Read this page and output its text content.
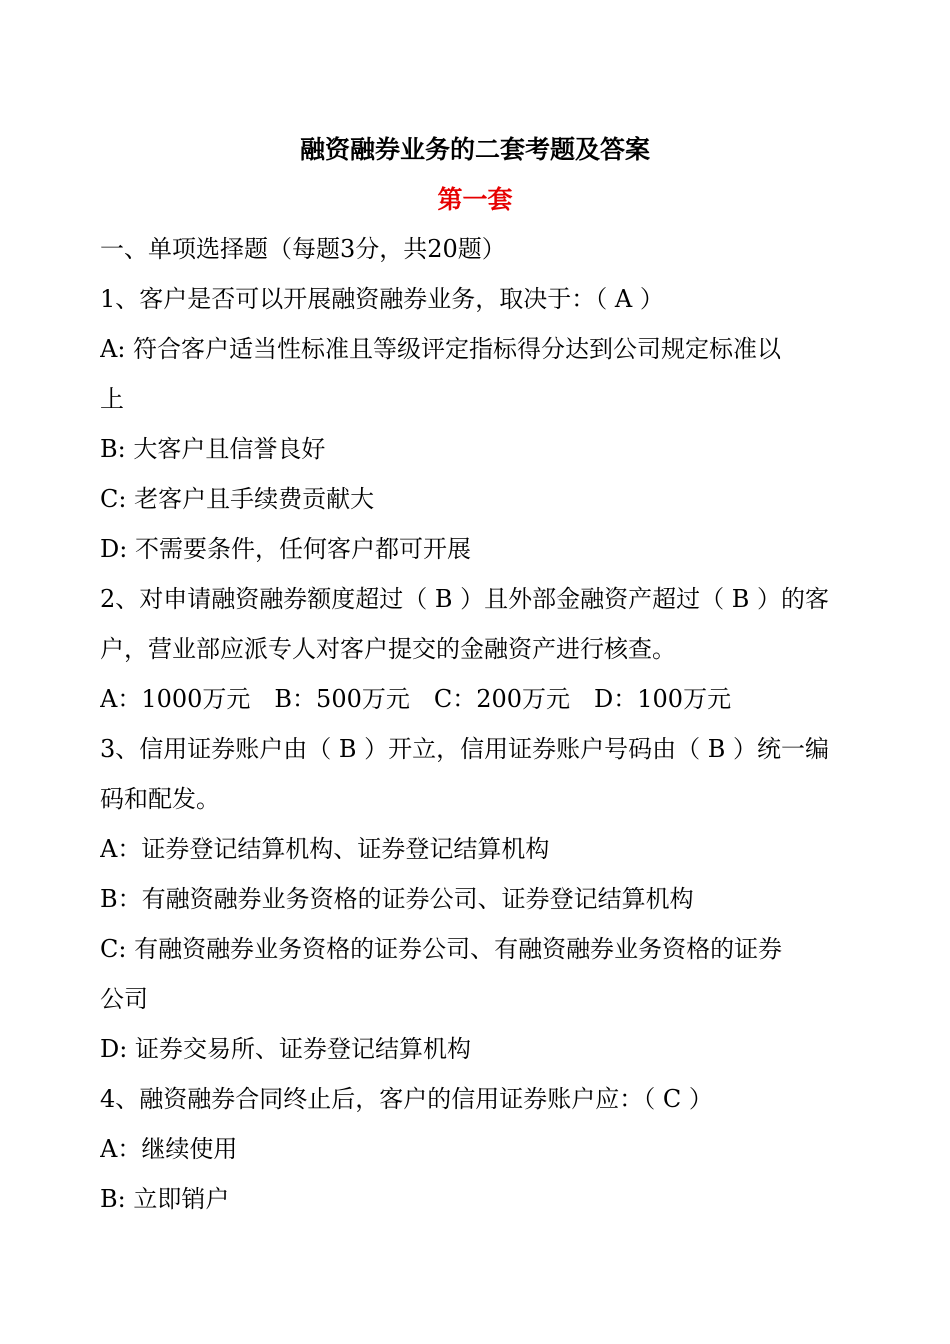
融资融券业务的二套考题及答案
第一套
一、单项选择题（每题3分，共20题）
1、客户是否可以开展融资融券业务，取决于：（ A ）
A: 符合客户适当性标准且等级评定指标得分达到公司规定标准以
上
B: 大客户且信誉良好
C: 老客户且手续费贡献大
D: 不需要条件，任何客户都可开展
2、对申请融资融券额度超过（ B ）且外部金融资产超过（ B ）的客
户，营业部应派专人对客户提交的金融资产进行核查。
A：1000万元　B：500万元　C：200万元　D：100万元
3、信用证券账户由（ B ）开立，信用证券账户号码由（ B ）统一编
码和配发。
A：证券登记结算机构、证券登记结算机构
B：有融资融券业务资格的证券公司、证券登记结算机构
C: 有融资融券业务资格的证券公司、有融资融券业务资格的证券
公司
D: 证券交易所、证券登记结算机构
4、融资融券合同终止后，客户的信用证券账户应：（ C ）
A：继续使用
B: 立即销户
